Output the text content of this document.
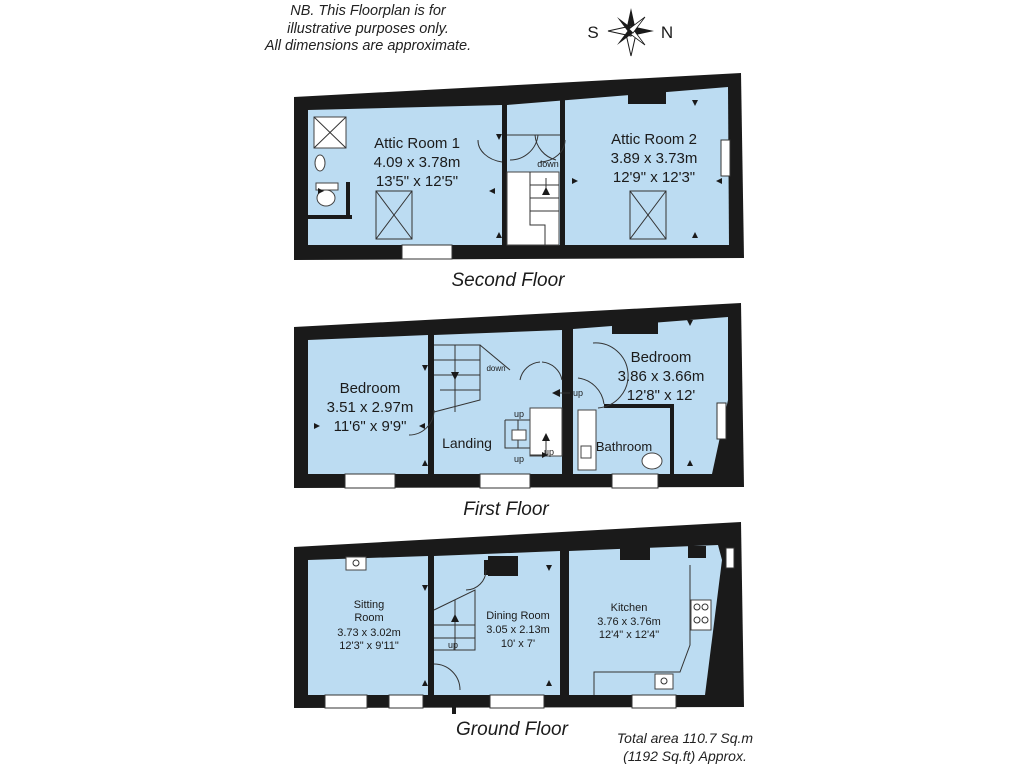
NB. This Floorplan is for
illustrative purposes only.
All dimensions are approximate.
S	N
Attic Room 1
4.09 x 3.78m
13'5" x 12'5"
Attic Room 2
3.89 x 3.73m
12'9" x 12'3"
down
Second Floor
Bedroom
3.51 x 2.97m
11'6" x 9'9"
Bedroom
3.86 x 3.66m
12'8" x 12'
Landing	Bathroom
down
up
up
up
up
First Floor
Sitting
Room
3.73 x 3.02m
12'3" x 9'11"
Dining Room
3.05 x 2.13m
10' x 7'
Kitchen
3.76 x 3.76m
12'4" x 12'4"
up
Ground Floor	Total area 110.7 Sq.m
(1192 Sq.ft) Approx.
